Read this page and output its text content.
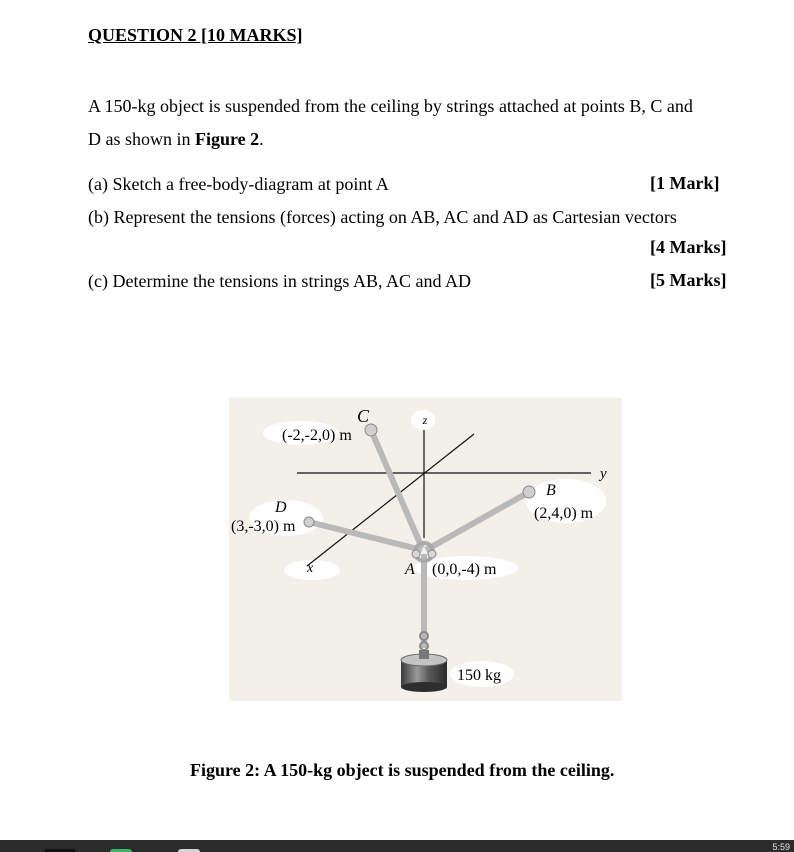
QUESTION 2 [10 MARKS]
A 150-kg object is suspended from the ceiling by strings attached at points B, C and
D as shown in Figure 2.
(a) Sketch a free-body-diagram at point A	[1 Mark]
(b) Represent the tensions (forces) acting on AB, AC and AD as Cartesian vectors
[4 Marks]
(c) Determine the tensions in strings AB, AC and AD	[5 Marks]
z
y
x
C
(-2,-2,0) m
B
(2,4,0) m
D
(3,-3,0) m
A (0,0,-4) m
150 kg
Figure 2: A 150-kg object is suspended from the ceiling.
5:59
